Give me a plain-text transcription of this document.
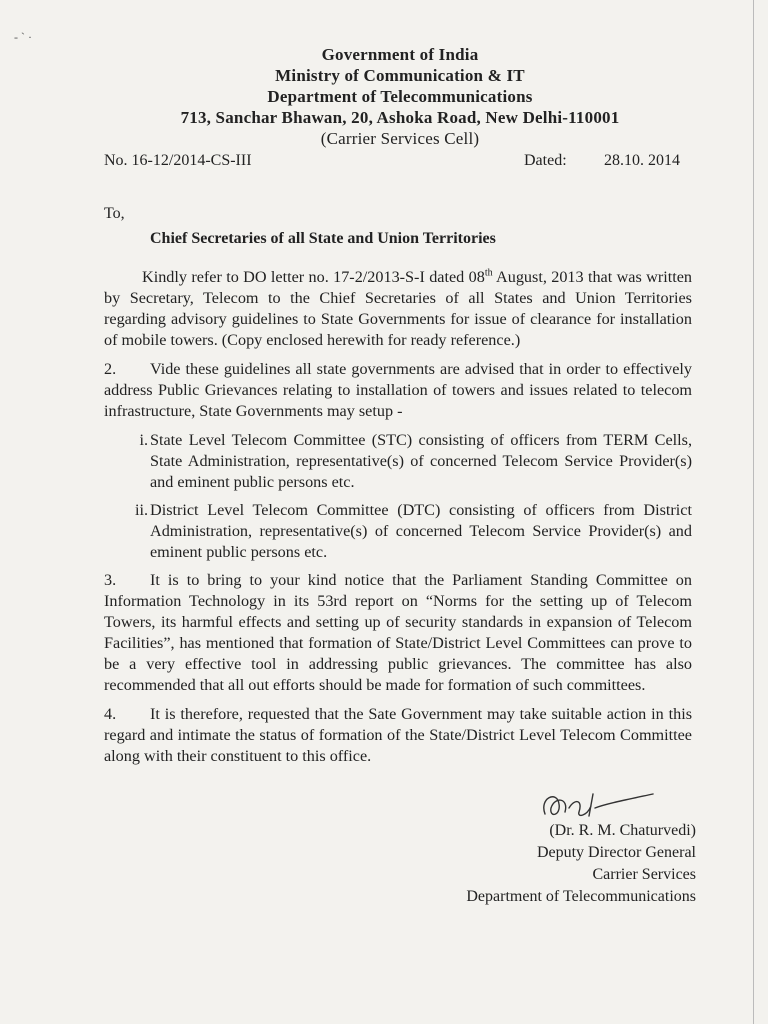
- ` ·
Government of India
Ministry of Communication & IT
Department of Telecommunications
713, Sanchar Bhawan, 20, Ashoka Road, New Delhi-110001
(Carrier Services Cell)
No. 16-12/2014-CS-III	Dated: 28.10. 2014
To,
Chief Secretaries of all State and Union Territories

Kindly refer to DO letter no. 17-2/2013-S-I dated 08th August, 2013 that was written by Secretary, Telecom to the Chief Secretaries of all States and Union Territories regarding advisory guidelines to State Governments for issue of clearance for installation of mobile towers. (Copy enclosed herewith for ready reference.)

2. Vide these guidelines all state governments are advised that in order to effectively address Public Grievances relating to installation of towers and issues related to telecom infrastructure, State Governments may setup -

i. State Level Telecom Committee (STC) consisting of officers from TERM Cells, State Administration, representative(s) of concerned Telecom Service Provider(s) and eminent public persons etc.
ii. District Level Telecom Committee (DTC) consisting of officers from District Administration, representative(s) of concerned Telecom Service Provider(s) and eminent public persons etc.

3. It is to bring to your kind notice that the Parliament Standing Committee on Information Technology in its 53rd report on “Norms for the setting up of Telecom Towers, its harmful effects and setting up of security standards in expansion of Telecom Facilities”, has mentioned that formation of State/District Level Committees can prove to be a very effective tool in addressing public grievances. The committee has also recommended that all out efforts should be made for formation of such committees.

4. It is therefore, requested that the Sate Government may take suitable action in this regard and intimate the status of formation of the State/District Level Telecom Committee along with their constituent to this office.

(Dr. R. M. Chaturvedi)
Deputy Director General
Carrier Services
Department of Telecommunications
